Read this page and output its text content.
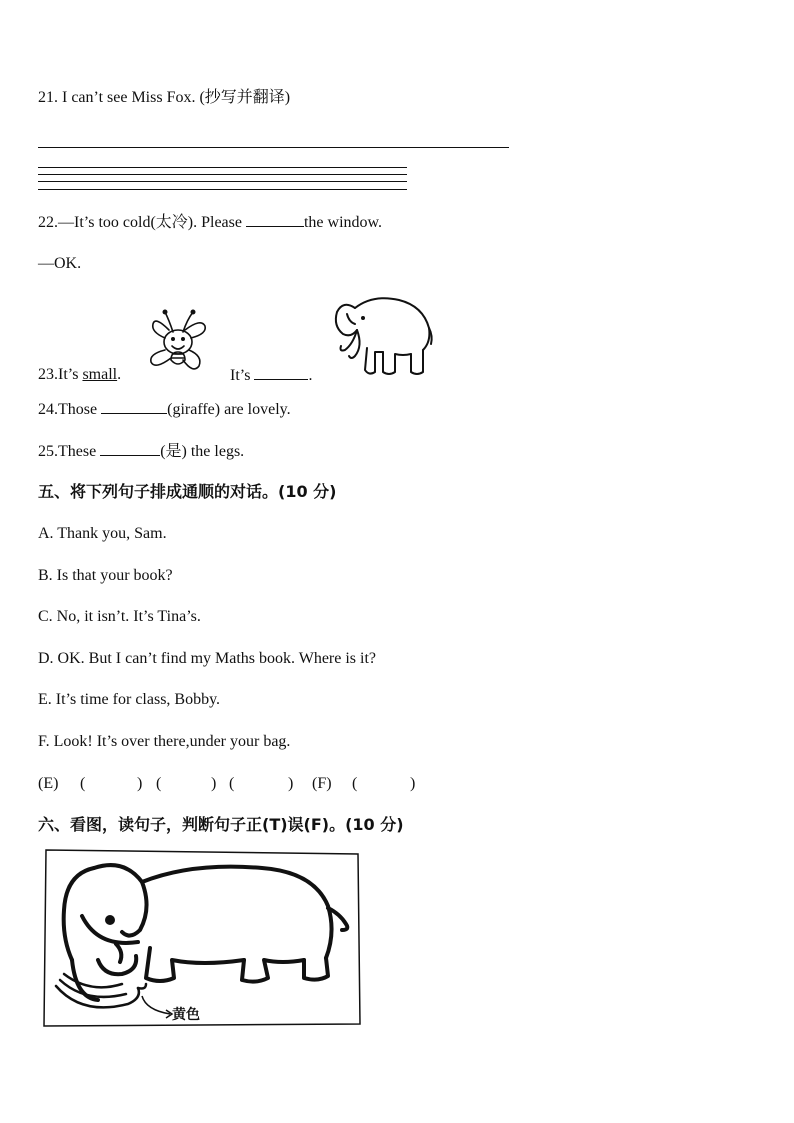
21. I can’t see Miss Fox. (抄写并翻译)
22.—It’s too cold(太冷). Please	the window.
—OK.
23.It’s small.	It’s	.
24.Those	(giraffe) are lovely.
25.These	(是) the legs.
五、将下列句子排成通顺的对话。(10 分)
A. Thank you, Sam.
B. Is that your book?
C. No, it isn’t. It’s Tina’s.
D. OK. But I can’t find my Maths book. Where is it?
E. It’s time for class, Bobby.
F. Look! It’s over there,under your bag.
(E) (	) (	) (	) (F) (	)
六、看图，读句子，判断句子正(T)误(F)。(10 分)
黄色
